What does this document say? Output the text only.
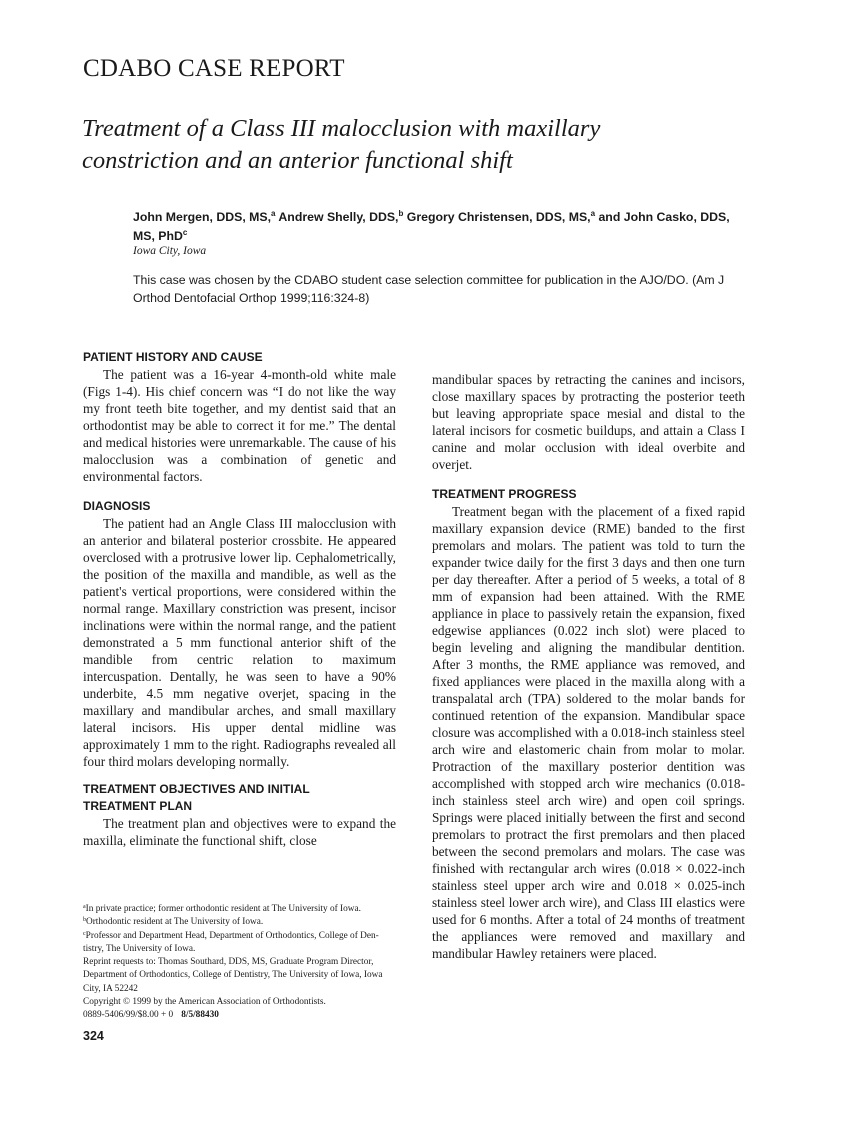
CDABO CASE REPORT
Treatment of a Class III malocclusion with maxillary
constriction and an anterior functional shift
John Mergen, DDS, MS,$^a$ Andrew Shelly, DDS,$^b$ Gregory Christensen, DDS, MS,$^a$ and John Casko, DDS, MS, PhD$^c$
Iowa City, Iowa
This case was chosen by the CDABO student case selection committee for publication in the AJO/DO. (Am J Orthod Dentofacial Orthop 1999;116:324-8)
PATIENT HISTORY AND CAUSE

The patient was a 16-year 4-month-old white male (Figs 1-4). His chief concern was “I do not like the way my front teeth bite together, and my dentist said that an orthodontist may be able to correct it for me.” The dental and medical histories were unremarkable. The cause of his malocclusion was a combination of genetic and environmental factors.

DIAGNOSIS

The patient had an Angle Class III malocclusion with an anterior and bilateral posterior crossbite. He appeared overclosed with a protrusive lower lip. Cephalometrically, the position of the maxilla and mandible, as well as the patient's vertical proportions, were considered within the normal range. Maxillary constriction was present, incisor inclinations were within the normal range, and the patient demonstrated a 5 mm functional anterior shift of the mandible from centric relation to maximum intercuspation. Dentally, he was seen to have a 90% underbite, 4.5 mm negative overjet, spacing in the maxillary and mandibular arches, and small maxillary lateral incisors. His upper dental midline was approximately 1 mm to the right. Radiographs revealed all four third molars developing normally.

TREATMENT OBJECTIVES AND INITIAL
TREATMENT PLAN

The treatment plan and objectives were to expand the maxilla, eliminate the functional shift, close

mandibular spaces by retracting the canines and incisors, close maxillary spaces by protracting the posterior teeth but leaving appropriate space mesial and distal to the lateral incisors for cosmetic buildups, and attain a Class I canine and molar occlusion with ideal overbite and overjet.

TREATMENT PROGRESS

Treatment began with the placement of a fixed rapid maxillary expansion device (RME) banded to the first premolars and molars. The patient was told to turn the expander twice daily for the first 3 days and then one turn per day thereafter. After a period of 5 weeks, a total of 8 mm of expansion had been attained. With the RME appliance in place to passively retain the expansion, fixed edgewise appliances (0.022 inch slot) were placed to begin leveling and aligning the mandibular dentition. After 3 months, the RME appliance was removed, and fixed appliances were placed in the maxilla along with a transpalatal arch (TPA) soldered to the molar bands for continued retention of the expansion. Mandibular space closure was accomplished with a 0.018-inch stainless steel arch wire and elastomeric chain from molar to molar. Protraction of the maxillary posterior dentition was accomplished with stopped arch wire mechanics (0.018-inch stainless steel arch wire) and open coil springs. Springs were placed initially between the first and second premolars to protract the first premolars and then placed between the second premolars and molars. The case was finished with rectangular arch wires (0.018 × 0.022-inch stainless steel upper arch wire and 0.018 × 0.025-inch stainless steel lower arch wire), and Class III elastics were used for 6 months. After a total of 24 months of treatment the appliances were removed and maxillary and mandibular Hawley retainers were placed.

$^a$In private practice; former orthodontic resident at The University of Iowa.

$^b$Orthodontic resident at The University of Iowa.

$^c$Professor and Department Head, Department of Orthodontics, College of Dentistry, The University of Iowa.

Reprint requests to: Thomas Southard, DDS, MS, Graduate Program Director, Department of Orthodontics, College of Dentistry, The University of Iowa, Iowa City, IA 52242

Copyright © 1999 by the American Association of Orthodontists.

0889-5406/99/$8.00 + 0 8/5/88430

324
